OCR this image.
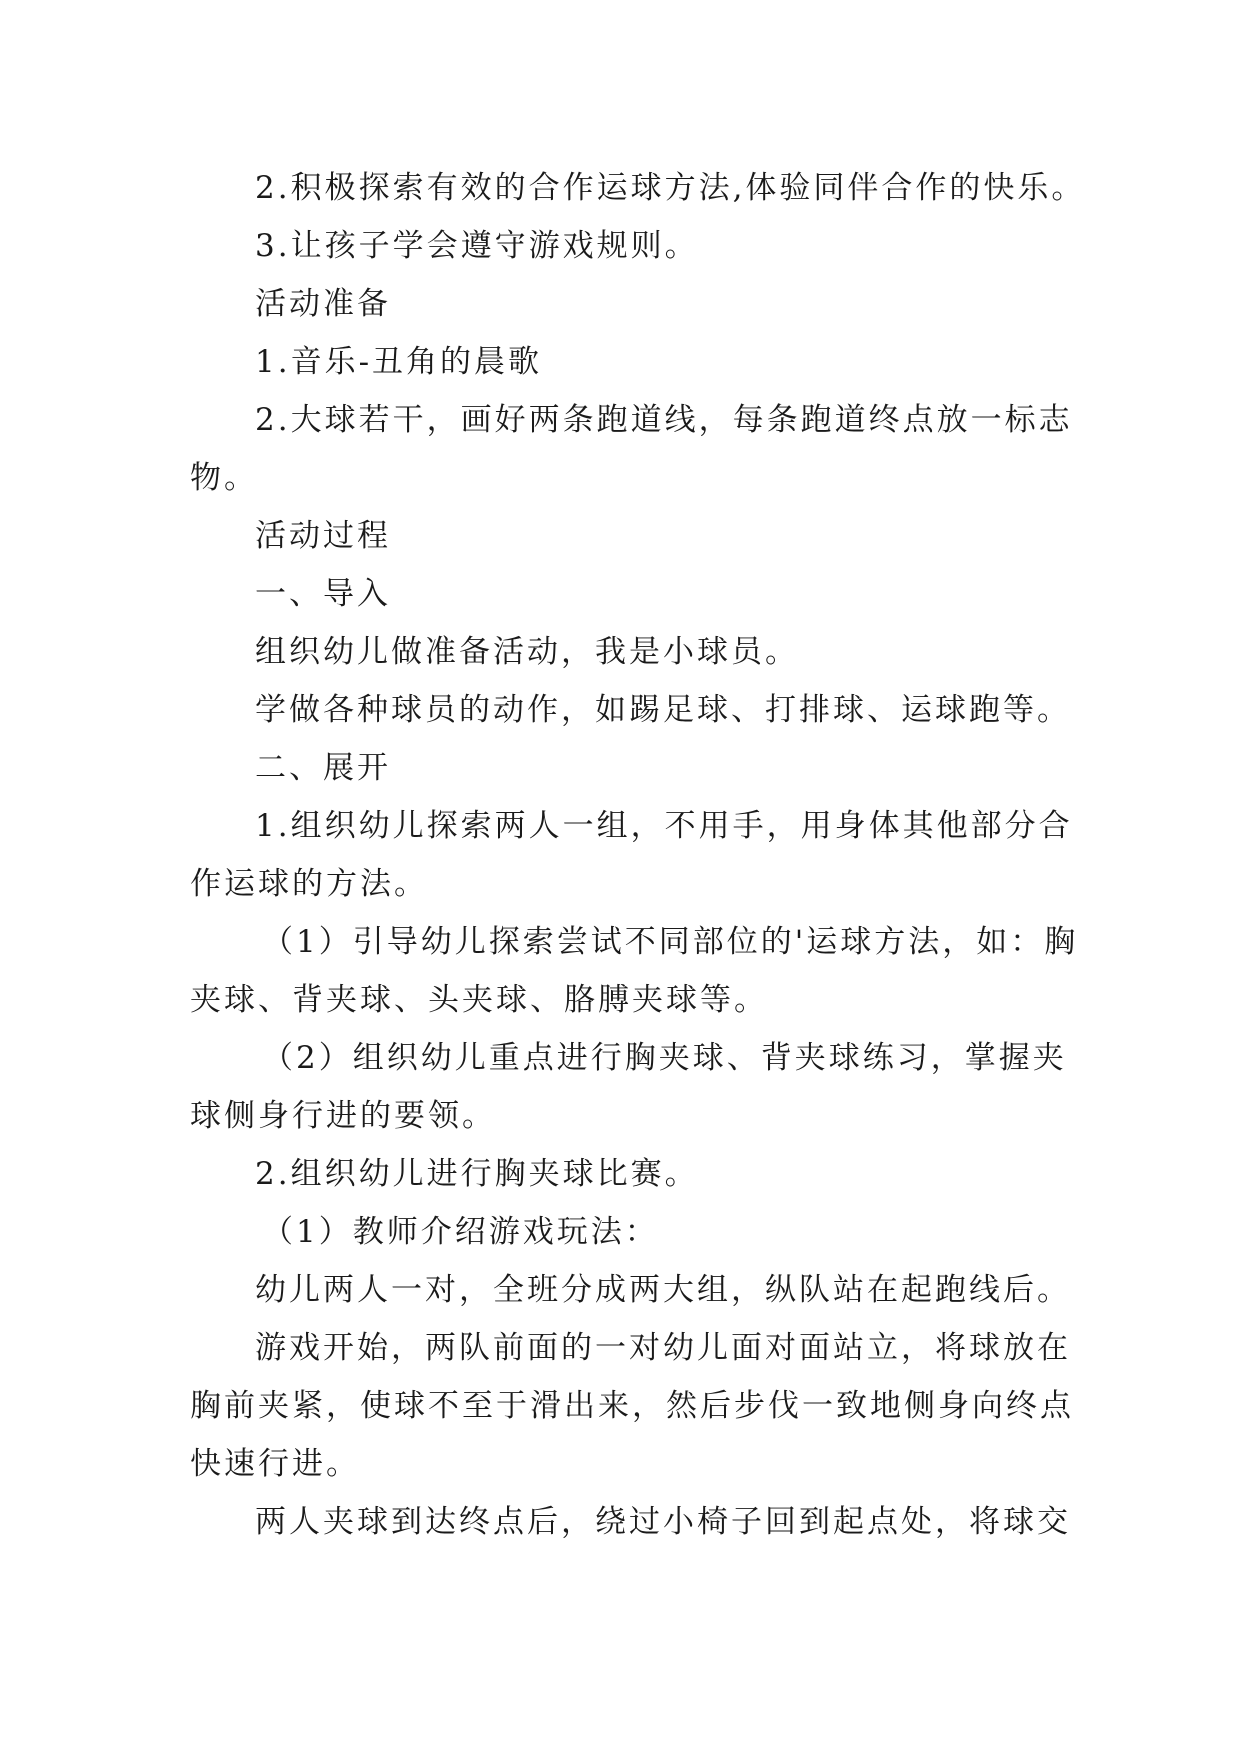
2.积极探索有效的合作运球方法,体验同伴合作的快乐。

3.让孩子学会遵守游戏规则。

活动准备

1.音乐-丑角的晨歌

2.大球若干，画好两条跑道线，每条跑道终点放一标志

物。

活动过程

一、导入

组织幼儿做准备活动，我是小球员。

学做各种球员的动作，如踢足球、打排球、运球跑等。

二、展开

1.组织幼儿探索两人一组，不用手，用身体其他部分合

作运球的方法。

（1）引导幼儿探索尝试不同部位的'运球方法，如：胸

夹球、背夹球、头夹球、胳膊夹球等。

（2）组织幼儿重点进行胸夹球、背夹球练习，掌握夹

球侧身行进的要领。

2.组织幼儿进行胸夹球比赛。

（1）教师介绍游戏玩法：

幼儿两人一对，全班分成两大组，纵队站在起跑线后。

游戏开始，两队前面的一对幼儿面对面站立，将球放在

胸前夹紧，使球不至于滑出来，然后步伐一致地侧身向终点

快速行进。

两人夹球到达终点后，绕过小椅子回到起点处，将球交
